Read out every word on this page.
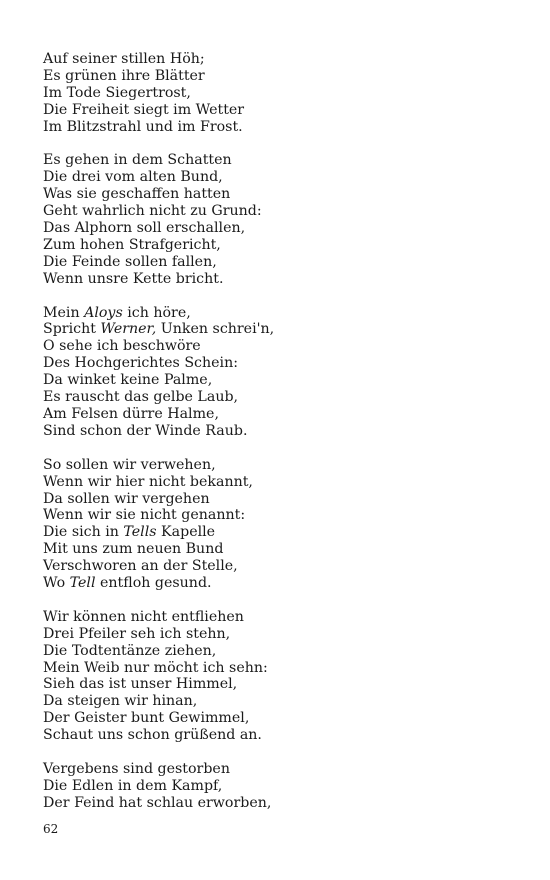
Auf seiner stillen Höh;
Es grünen ihre Blätter
Im Tode Siegertrost,
Die Freiheit siegt im Wetter
Im Blitzstrahl und im Frost.
Es gehen in dem Schatten
Die drei vom alten Bund,
Was sie geschaffen hatten
Geht wahrlich nicht zu Grund:
Das Alphorn soll erschallen,
Zum hohen Strafgericht,
Die Feinde sollen fallen,
Wenn unsre Kette bricht.
Mein Aloys ich höre,
Spricht Werner, Unken schrei'n,
O sehe ich beschwöre
Des Hochgerichtes Schein:
Da winket keine Palme,
Es rauscht das gelbe Laub,
Am Felsen dürre Halme,
Sind schon der Winde Raub.
So sollen wir verwehen,
Wenn wir hier nicht bekannt,
Da sollen wir vergehen
Wenn wir sie nicht genannt:
Die sich in Tells Kapelle
Mit uns zum neuen Bund
Verschworen an der Stelle,
Wo Tell entfloh gesund.
Wir können nicht entfliehen
Drei Pfeiler seh ich stehn,
Die Todtentänze ziehen,
Mein Weib nur möcht ich sehn:
Sieh das ist unser Himmel,
Da steigen wir hinan,
Der Geister bunt Gewimmel,
Schaut uns schon grüßend an.
Vergebens sind gestorben
Die Edlen in dem Kampf,
Der Feind hat schlau erworben,
62
